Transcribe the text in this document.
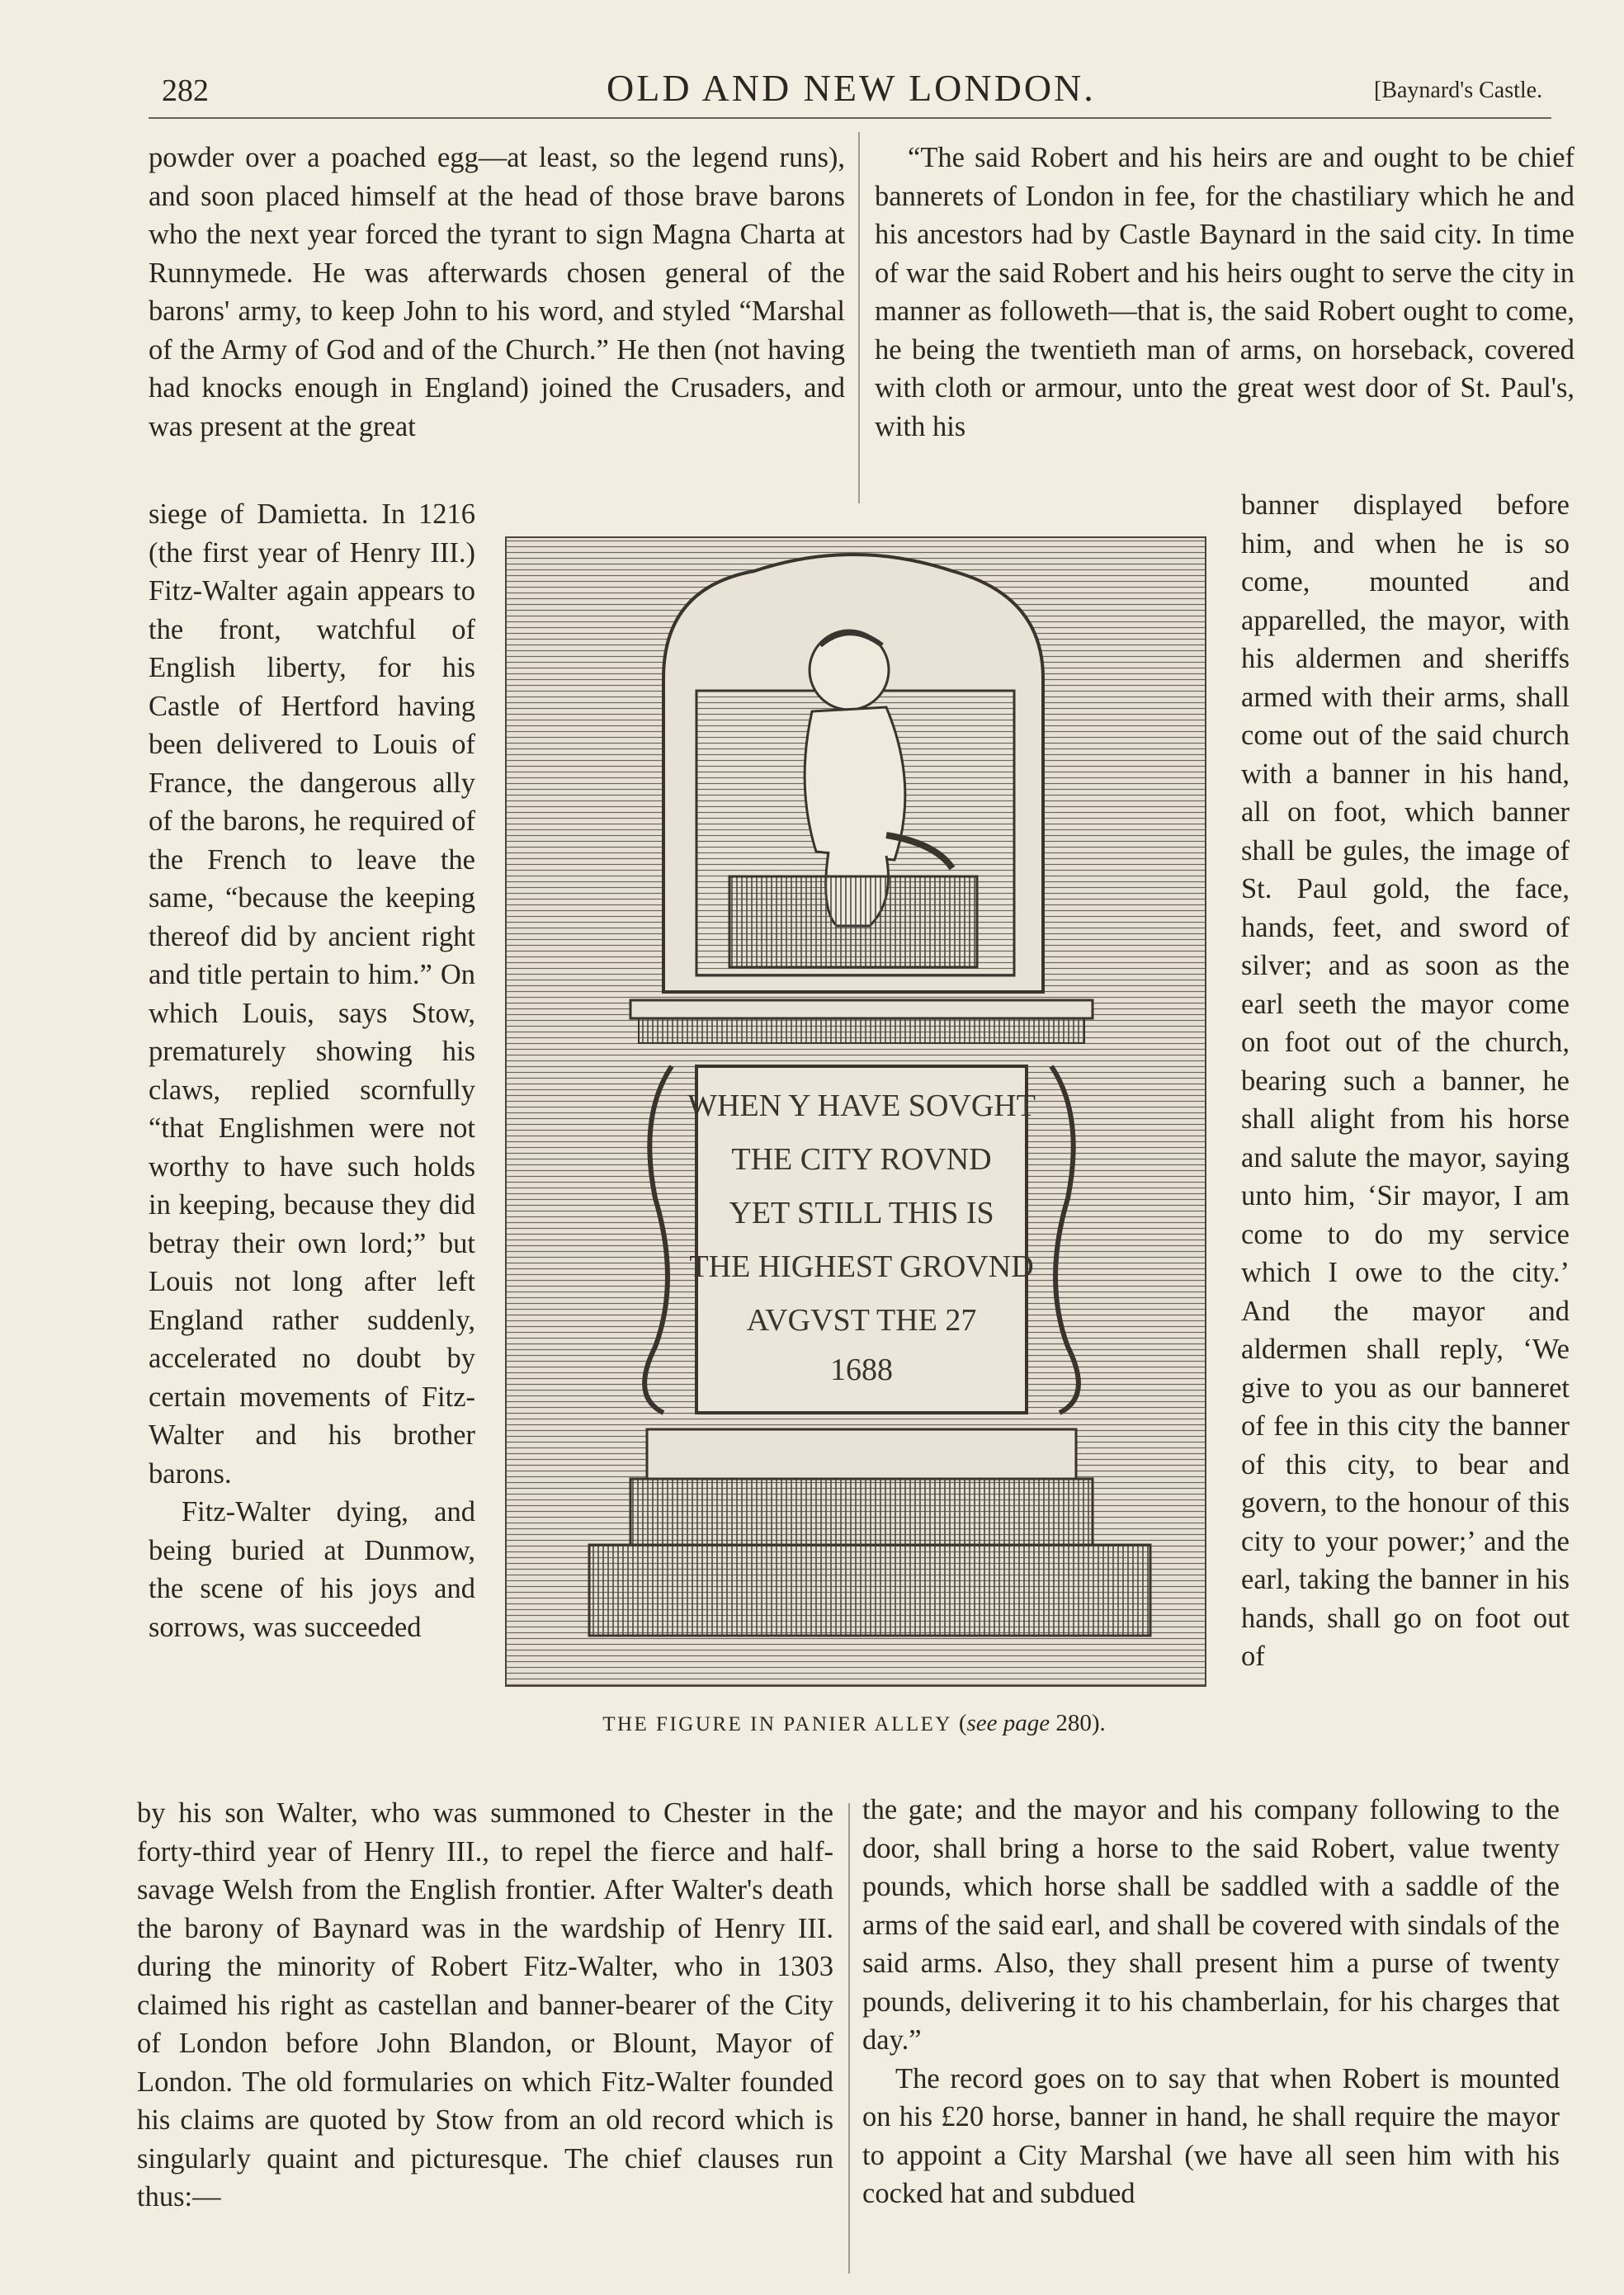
282	OLD AND NEW LONDON.	[Baynard's Castle.

powder over a poached egg—at least, so the legend runs), and soon placed himself at the head of those brave barons who the next year forced the tyrant to sign Magna Charta at Runnymede. He was afterwards chosen general of the barons' army, to keep John to his word, and styled “Marshal of the Army of God and of the Church.” He then (not having had knocks enough in England) joined the Crusaders, and was present at the great

siege of Damietta. In 1216 (the first year of Henry III.) Fitz-Walter again appears to the front, watchful of English liberty, for his Castle of Hertford having been delivered to Louis of France, the dangerous ally of the barons, he required of the French to leave the same, “because the keeping thereof did by ancient right and title pertain to him.” On which Louis, says Stow, prematurely showing his claws, replied scornfully “that Englishmen were not worthy to have such holds in keeping, because they did betray their own lord;” but Louis not long after left England rather suddenly, accelerated no doubt by certain movements of Fitz-Walter and his brother barons.

Fitz-Walter dying, and being buried at Dunmow, the scene of his joys and sorrows, was succeeded

by his son Walter, who was summoned to Chester in the forty-third year of Henry III., to repel the fierce and half-savage Welsh from the English frontier. After Walter's death the barony of Baynard was in the wardship of Henry III. during the minority of Robert Fitz-Walter, who in 1303 claimed his right as castellan and banner-bearer of the City of London before John Blandon, or Blount, Mayor of London. The old formularies on which Fitz-Walter founded his claims are quoted by Stow from an old record which is singularly quaint and picturesque. The chief clauses run thus:—

“The said Robert and his heirs are and ought to be chief bannerets of London in fee, for the chastiliary which he and his ancestors had by Castle Baynard in the said city. In time of war the said Robert and his heirs ought to serve the city in manner as followeth—that is, the said Robert ought to come, he being the twentieth man of arms, on horseback, covered with cloth or armour, unto the great west door of St. Paul's, with his

banner displayed before him, and when he is so come, mounted and apparelled, the mayor, with his aldermen and sheriffs armed with their arms, shall come out of the said church with a banner in his hand, all on foot, which banner shall be gules, the image of St. Paul gold, the face, hands, feet, and sword of silver; and as soon as the earl seeth the mayor come on foot out of the church, bearing such a banner, he shall alight from his horse and salute the mayor, saying unto him, ‘Sir mayor, I am come to do my service which I owe to the city.’ And the mayor and aldermen shall reply, ‘We give to you as our banneret of fee in this city the banner of this city, to bear and govern, to the honour of this city to your power;’ and the earl, taking the banner in his hands, shall go on foot out of

the gate; and the mayor and his company following to the door, shall bring a horse to the said Robert, value twenty pounds, which horse shall be saddled with a saddle of the arms of the said earl, and shall be covered with sindals of the said arms. Also, they shall present him a purse of twenty pounds, delivering it to his chamberlain, for his charges that day.”

The record goes on to say that when Robert is mounted on his £20 horse, banner in hand, he shall require the mayor to appoint a City Marshal (we have all seen him with his cocked hat and subdued

WHEN Y HAVE SOVGHT
THE CITY ROVND
YET STILL THIS IS
THE HIGHEST GROVND
AVGVST THE 27
1688
THE FIGURE IN PANIER ALLEY (see page 280).
